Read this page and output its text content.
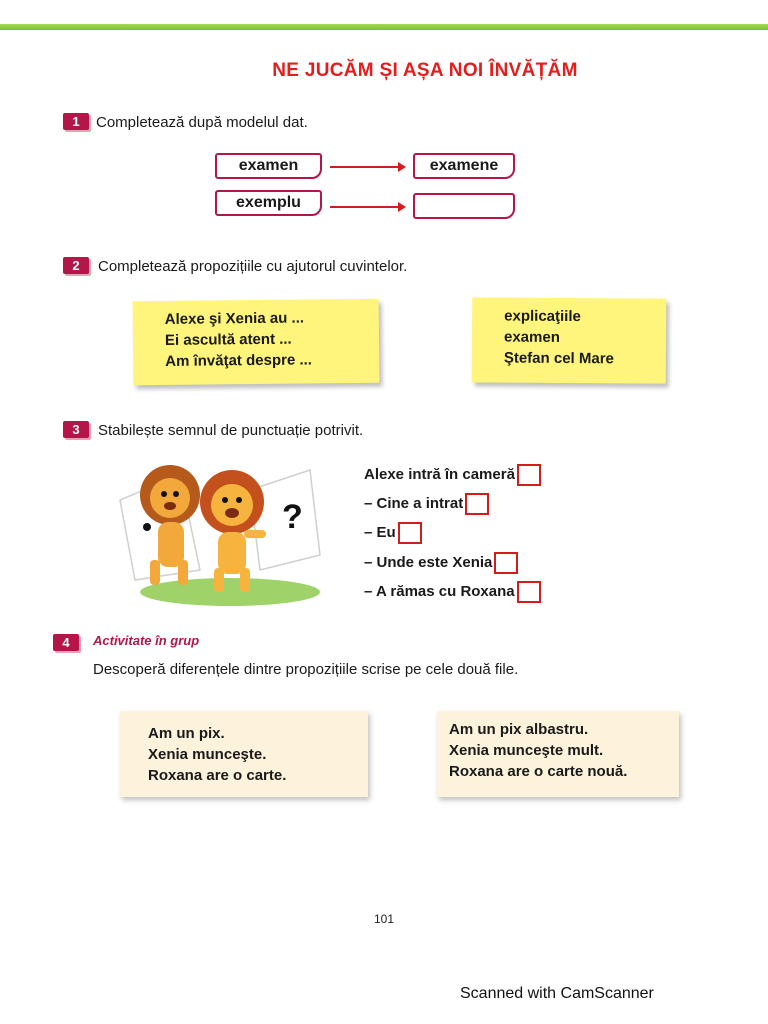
NE JUCĂM ȘI AȘA NOI ÎNVĂȚĂM
1	Completează după modelul dat.
examen	examene
exemplu
2	Completează propozițiile cu ajutorul cuvintelor.
Alexe şi Xenia au ...
Ei ascultă atent ...
Am învăţat despre ...
explicaţiile
examen
Ştefan cel Mare
3	Stabilește semnul de punctuație potrivit.
?
Alexe intră în cameră
– Cine a intrat
– Eu
– Unde este Xenia
– A rămas cu Roxana
4	Activitate în grup
Descoperă diferențele dintre propozițiile scrise pe cele două file.
Am un pix.
Xenia munceşte.
Roxana are o carte.
Am un pix albastru.
Xenia munceşte mult.
Roxana are o carte nouă.
101
Scanned with CamScanner
